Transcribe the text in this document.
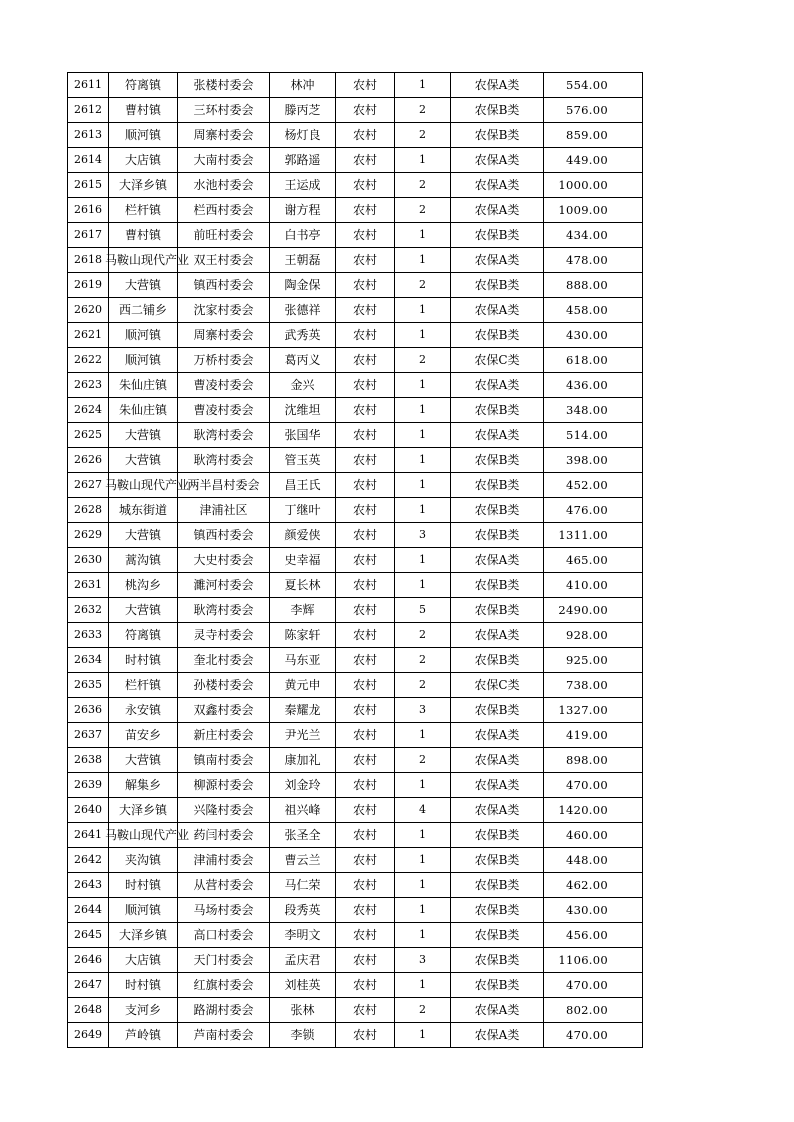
2611	符离镇	张楼村委会	林冲	农村	1	农保A类	554.00
2612	曹村镇	三环村委会	滕丙芝	农村	2	农保B类	576.00
2613	顺河镇	周寨村委会	杨灯良	农村	2	农保B类	859.00
2614	大店镇	大南村委会	郭路遥	农村	1	农保A类	449.00
2615	大泽乡镇	水池村委会	王运成	农村	2	农保A类	1000.00
2616	栏杆镇	栏西村委会	谢方程	农村	2	农保A类	1009.00
2617	曹村镇	前旺村委会	白书亭	农村	1	农保B类	434.00
2618	马鞍山现代产业	双王村委会	王朝磊	农村	1	农保A类	478.00
2619	大营镇	镇西村委会	陶金保	农村	2	农保B类	888.00
2620	西二铺乡	沈家村委会	张德祥	农村	1	农保A类	458.00
2621	顺河镇	周寨村委会	武秀英	农村	1	农保B类	430.00
2622	顺河镇	万桥村委会	葛丙义	农村	2	农保C类	618.00
2623	朱仙庄镇	曹凌村委会	金兴	农村	1	农保A类	436.00
2624	朱仙庄镇	曹凌村委会	沈维坦	农村	1	农保B类	348.00
2625	大营镇	耿湾村委会	张国华	农村	1	农保A类	514.00
2626	大营镇	耿湾村委会	管玉英	农村	1	农保B类	398.00
2627	马鞍山现代产业	两半昌村委会	昌王氏	农村	1	农保B类	452.00
2628	城东街道	津浦社区	丁继叶	农村	1	农保B类	476.00
2629	大营镇	镇西村委会	颜爱侠	农村	3	农保B类	1311.00
2630	蒿沟镇	大史村委会	史幸福	农村	1	农保A类	465.00
2631	桃沟乡	濉河村委会	夏长林	农村	1	农保B类	410.00
2632	大营镇	耿湾村委会	李辉	农村	5	农保B类	2490.00
2633	符离镇	灵寺村委会	陈家轩	农村	2	农保A类	928.00
2634	时村镇	奎北村委会	马东亚	农村	2	农保B类	925.00
2635	栏杆镇	孙楼村委会	黄元申	农村	2	农保C类	738.00
2636	永安镇	双鑫村委会	秦耀龙	农村	3	农保B类	1327.00
2637	苗安乡	新庄村委会	尹光兰	农村	1	农保A类	419.00
2638	大营镇	镇南村委会	康加礼	农村	2	农保A类	898.00
2639	解集乡	柳源村委会	刘金玲	农村	1	农保A类	470.00
2640	大泽乡镇	兴隆村委会	祖兴峰	农村	4	农保A类	1420.00
2641	马鞍山现代产业	药闫村委会	张圣全	农村	1	农保B类	460.00
2642	夹沟镇	津浦村委会	曹云兰	农村	1	农保B类	448.00
2643	时村镇	从营村委会	马仁荣	农村	1	农保B类	462.00
2644	顺河镇	马场村委会	段秀英	农村	1	农保B类	430.00
2645	大泽乡镇	高口村委会	李明文	农村	1	农保B类	456.00
2646	大店镇	天门村委会	孟庆君	农村	3	农保B类	1106.00
2647	时村镇	红旗村委会	刘桂英	农村	1	农保B类	470.00
2648	支河乡	路湖村委会	张林	农村	2	农保A类	802.00
2649	芦岭镇	芦南村委会	李锁	农村	1	农保A类	470.00
